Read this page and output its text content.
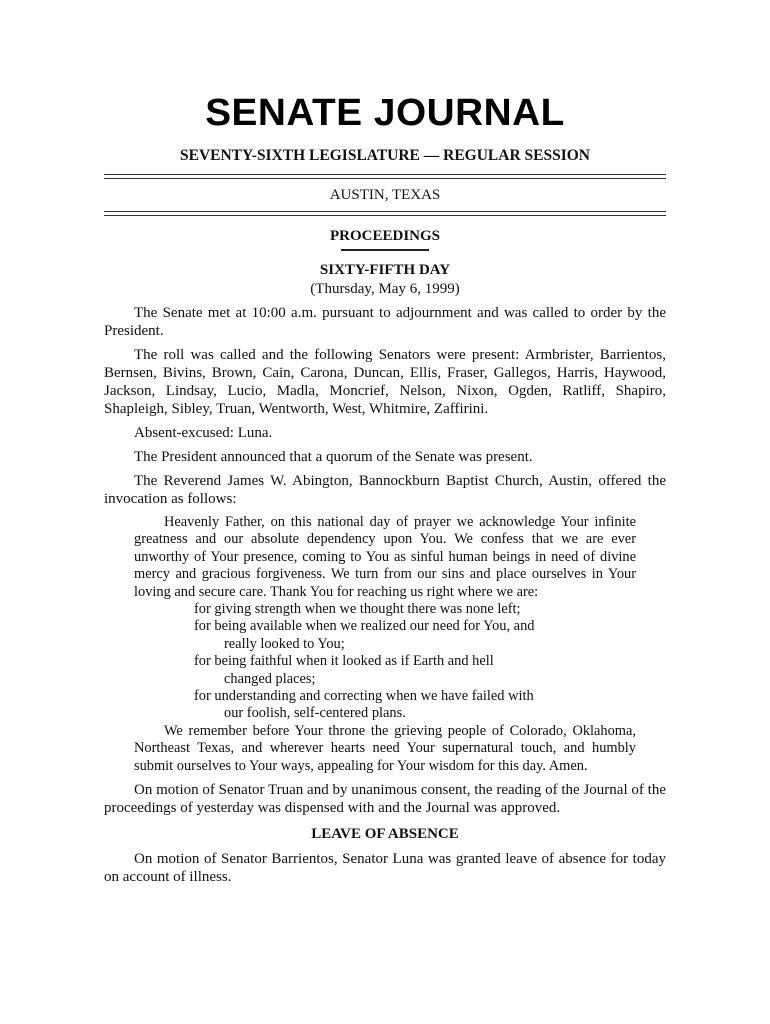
SENATE JOURNAL
SEVENTY-SIXTH LEGISLATURE — REGULAR SESSION
AUSTIN, TEXAS
PROCEEDINGS
SIXTY-FIFTH DAY
(Thursday, May 6, 1999)

The Senate met at 10:00 a.m. pursuant to adjournment and was called to order by the President.

The roll was called and the following Senators were present: Armbrister, Barrientos, Bernsen, Bivins, Brown, Cain, Carona, Duncan, Ellis, Fraser, Gallegos, Harris, Haywood, Jackson, Lindsay, Lucio, Madla, Moncrief, Nelson, Nixon, Ogden, Ratliff, Shapiro, Shapleigh, Sibley, Truan, Wentworth, West, Whitmire, Zaffirini.

Absent-excused: Luna.

The President announced that a quorum of the Senate was present.

The Reverend James W. Abington, Bannockburn Baptist Church, Austin, offered the invocation as follows:

Heavenly Father, on this national day of prayer we acknowledge Your infinite greatness and our absolute dependency upon You. We confess that we are ever unworthy of Your presence, coming to You as sinful human beings in need of divine mercy and gracious forgiveness. We turn from our sins and place ourselves in Your loving and secure care. Thank You for reaching us right where we are:

for giving strength when we thought there was none left;
for being available when we realized our need for You, and
really looked to You;
for being faithful when it looked as if Earth and hell
changed places;
for understanding and correcting when we have failed with
our foolish, self-centered plans.

We remember before Your throne the grieving people of Colorado, Oklahoma, Northeast Texas, and wherever hearts need Your supernatural touch, and humbly submit ourselves to Your ways, appealing for Your wisdom for this day. Amen.

On motion of Senator Truan and by unanimous consent, the reading of the Journal of the proceedings of yesterday was dispensed with and the Journal was approved.

LEAVE OF ABSENCE

On motion of Senator Barrientos, Senator Luna was granted leave of absence for today on account of illness.
